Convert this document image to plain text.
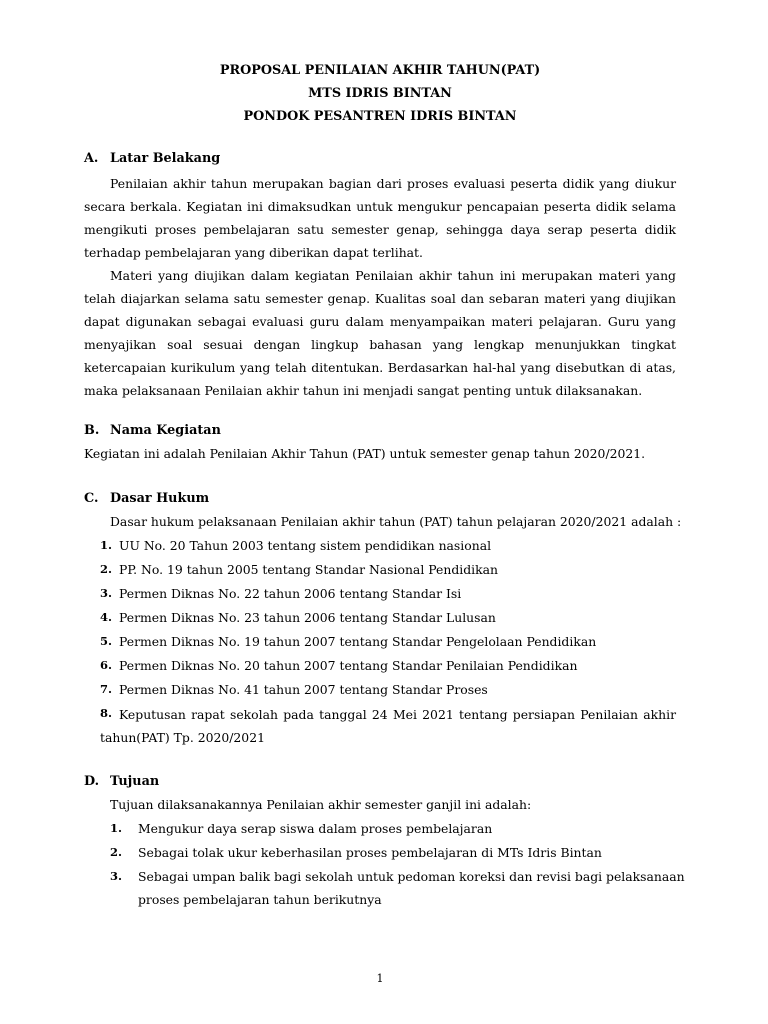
PROPOSAL PENILAIAN AKHIR TAHUN(PAT)
MTS IDRIS BINTAN
PONDOK PESANTREN IDRIS BINTAN
A. Latar Belakang

Penilaian akhir tahun merupakan bagian dari proses evaluasi peserta didik yang diukur secara berkala. Kegiatan ini dimaksudkan untuk mengukur pencapaian peserta didik selama mengikuti proses pembelajaran satu semester genap, sehingga daya serap peserta didik terhadap pembelajaran yang diberikan dapat terlihat.

Materi yang diujikan dalam kegiatan Penilaian akhir tahun ini merupakan materi yang telah diajarkan selama satu semester genap. Kualitas soal dan sebaran materi yang diujikan dapat digunakan sebagai evaluasi guru dalam menyampaikan materi pelajaran. Guru yang menyajikan soal sesuai dengan lingkup bahasan yang lengkap menunjukkan tingkat ketercapaian kurikulum yang telah ditentukan. Berdasarkan hal-hal yang disebutkan di atas, maka pelaksanaan Penilaian akhir tahun ini menjadi sangat penting untuk dilaksanakan.

B. Nama Kegiatan
Kegiatan ini adalah Penilaian Akhir Tahun (PAT) untuk semester genap tahun 2020/2021.
C. Dasar Hukum
Dasar hukum pelaksanaan Penilaian akhir tahun (PAT) tahun pelajaran 2020/2021 adalah :
1. UU No. 20 Tahun 2003 tentang sistem pendidikan nasional
2. PP. No. 19 tahun 2005 tentang Standar Nasional Pendidikan
3. Permen Diknas No. 22 tahun 2006 tentang Standar Isi
4. Permen Diknas No. 23 tahun 2006 tentang Standar Lulusan
5. Permen Diknas No. 19 tahun 2007 tentang Standar Pengelolaan Pendidikan
6. Permen Diknas No. 20 tahun 2007 tentang Standar Penilaian Pendidikan
7. Permen Diknas No. 41 tahun 2007 tentang Standar Proses
8. Keputusan rapat sekolah pada tanggal 24 Mei 2021 tentang persiapan Penilaian akhir tahun(PAT) Tp. 2020/2021

D. Tujuan
Tujuan dilaksanakannya Penilaian akhir semester ganjil ini adalah:
1. Mengukur daya serap siswa dalam proses pembelajaran
2. Sebagai tolak ukur keberhasilan proses pembelajaran di MTs Idris Bintan
3. Sebagai umpan balik bagi sekolah untuk pedoman koreksi dan revisi bagi pelaksanaan
proses pembelajaran tahun berikutnya
1
